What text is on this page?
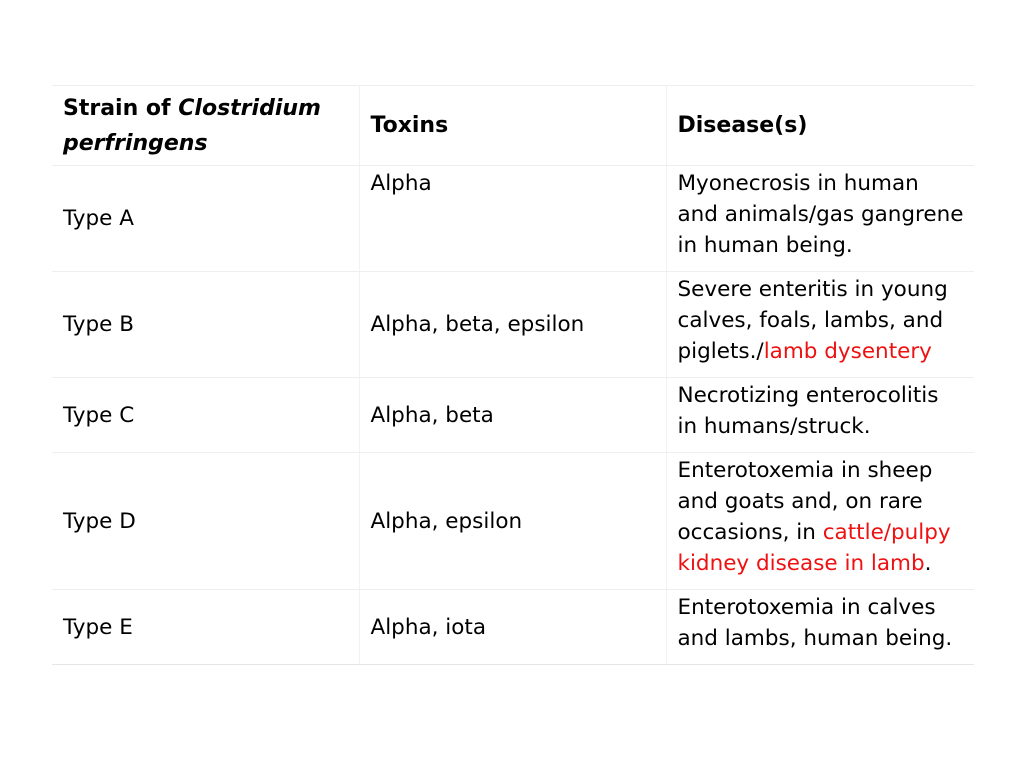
Strain of Clostridium perfringens	Toxins	Disease(s)
Type A	Alpha	Myonecrosis in human and animals/gas gangrene in human being.
Type B	Alpha, beta, epsilon	Severe enteritis in young calves, foals, lambs, and piglets./lamb dysentery
Type C	Alpha, beta	Necrotizing enterocolitis in humans/struck.
Type D	Alpha, epsilon	Enterotoxemia in sheep and goats and, on rare occasions, in cattle/pulpy kidney disease in lamb.
Type E	Alpha, iota	Enterotoxemia in calves and lambs, human being.
